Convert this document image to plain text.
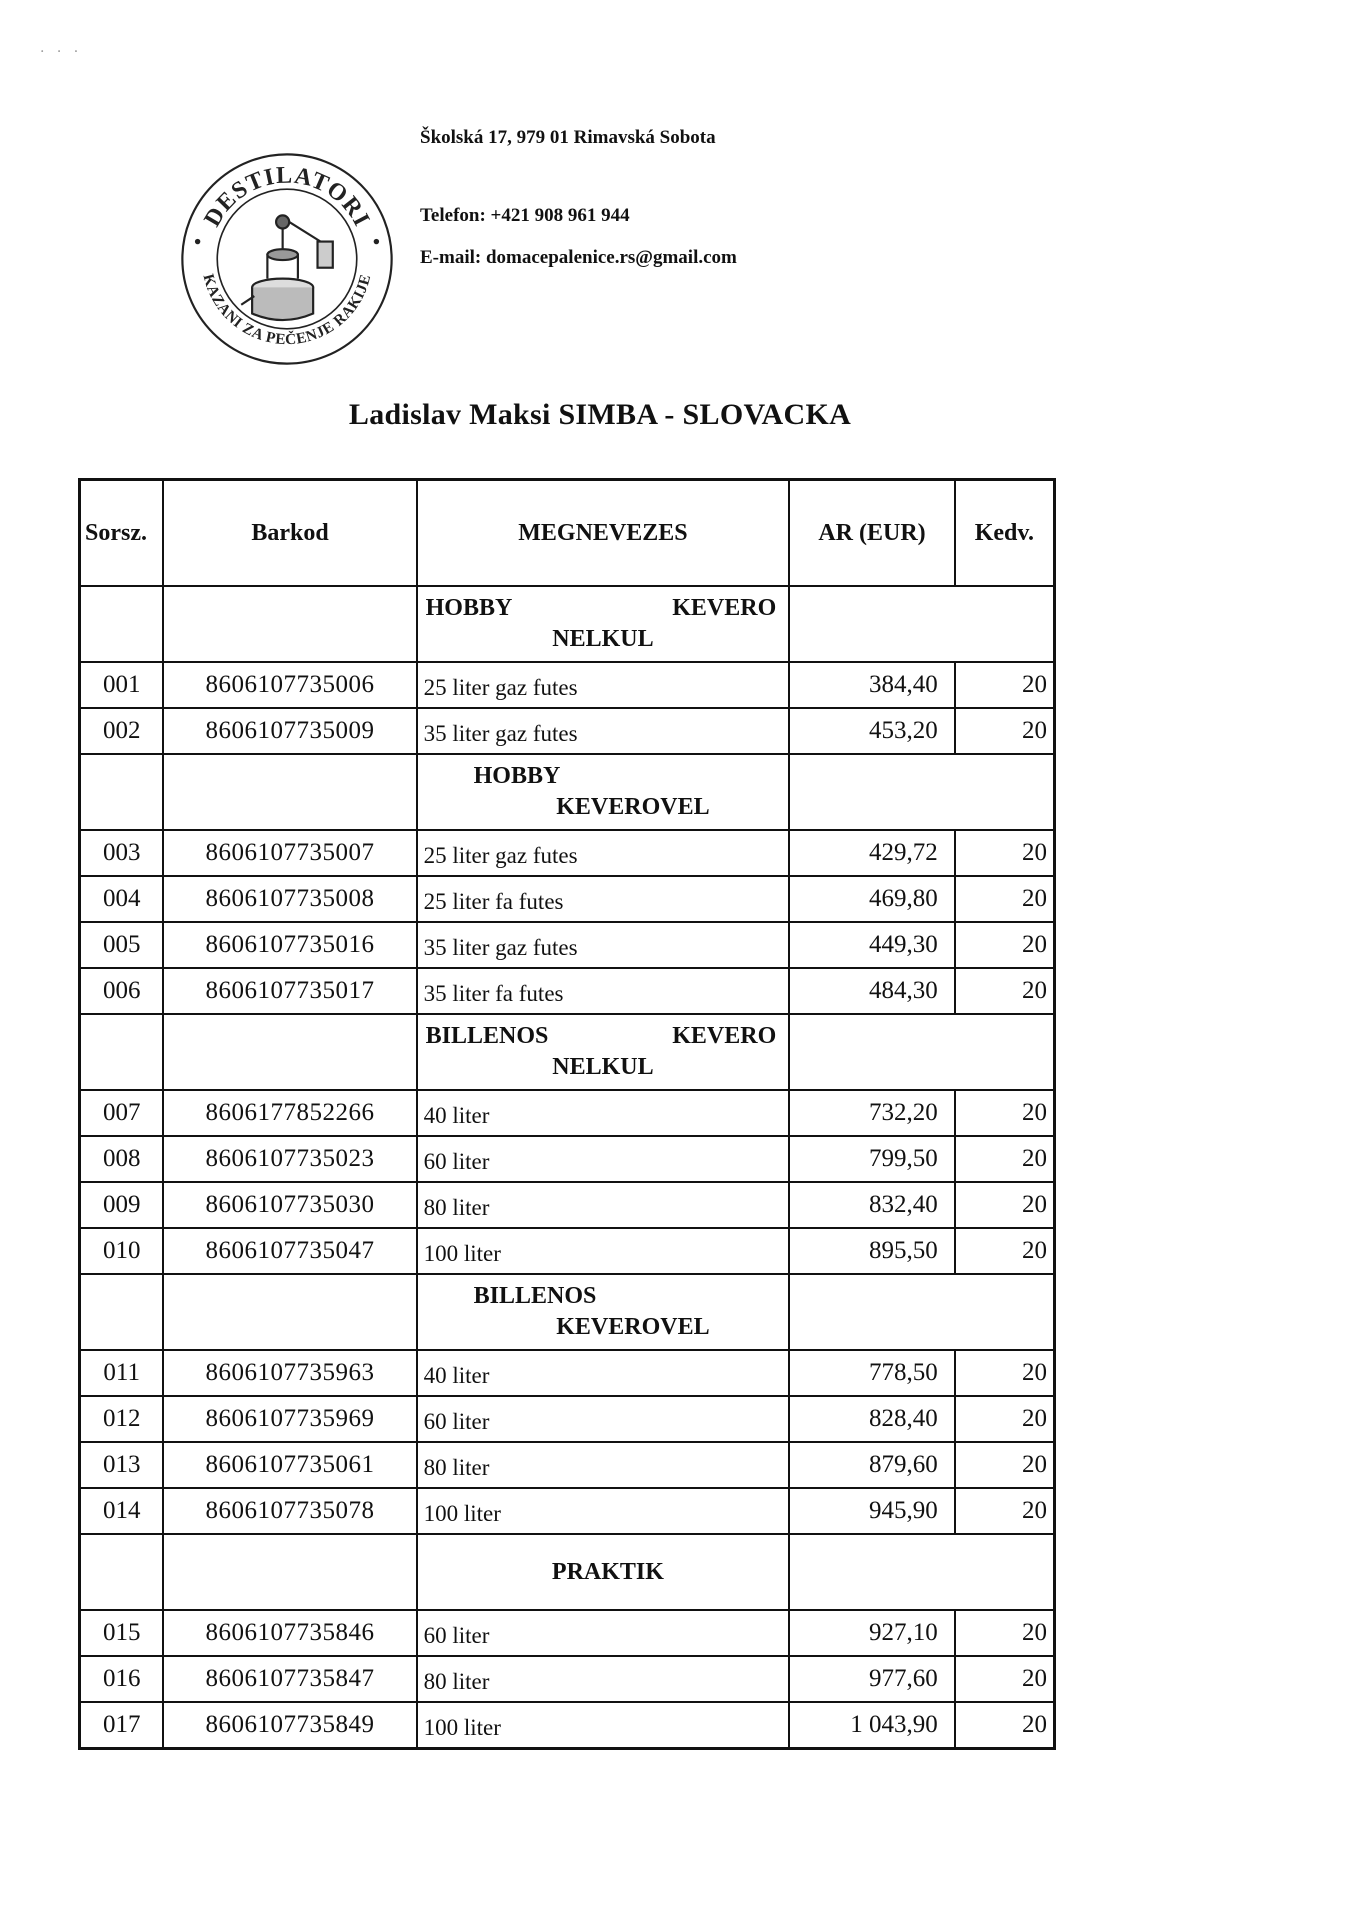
· · ·
DESTILATORI
KAZANI ZA PEČENJE RAKIJE
Školská 17, 979 01 Rimavská Sobota
Telefon: +421 908 961 944
E-mail: domacepalenice.rs@gmail.com
Ladislav Maksi SIMBA - SLOVACKA
Sorsz.	Barkod	MEGNEVEZES	AR (EUR)	Kedv.

		HOBBY KEVERO
NELKUL		

001	8606107735006	25 liter gaz futes	384,40	20
002	8606107735009	35 liter gaz futes	453,20	20

		HOBBY
KEVEROVEL		

003	8606107735007	25 liter gaz futes	429,72	20
004	8606107735008	25 liter fa futes	469,80	20
005	8606107735016	35 liter gaz futes	449,30	20
006	8606107735017	35 liter fa futes	484,30	20

		BILLENOS KEVERO
NELKUL		

007	8606177852266	40 liter	732,20	20
008	8606107735023	60 liter	799,50	20
009	8606107735030	80 liter	832,40	20
010	8606107735047	100 liter	895,50	20

		BILLENOS
KEVEROVEL		

011	8606107735963	40 liter	778,50	20
012	8606107735969	60 liter	828,40	20
013	8606107735061	80 liter	879,60	20
014	8606107735078	100 liter	945,90	20

		PRAKTIK		

015	8606107735846	60 liter	927,10	20
016	8606107735847	80 liter	977,60	20
017	8606107735849	100 liter	1 043,90	20
